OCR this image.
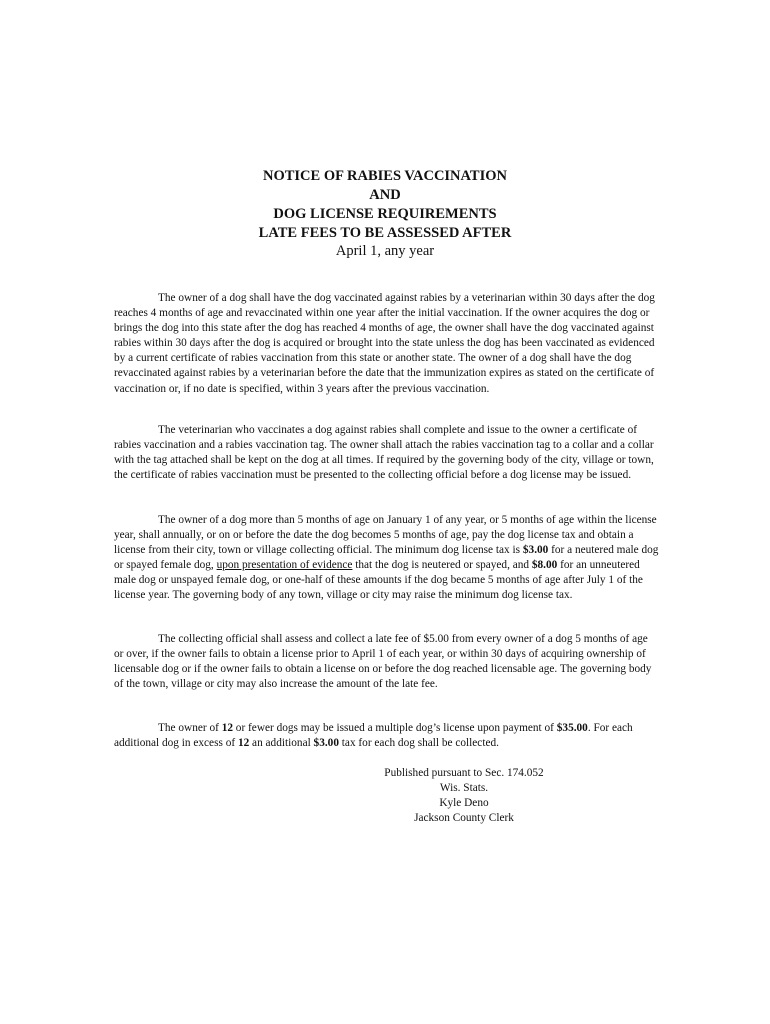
NOTICE OF RABIES VACCINATION
AND
DOG LICENSE REQUIREMENTS
LATE FEES TO BE ASSESSED AFTER
April 1, any year

The owner of a dog shall have the dog vaccinated against rabies by a veterinarian within 30 days after the dog reaches 4 months of age and revaccinated within one year after the initial vaccination. If the owner acquires the dog or brings the dog into this state after the dog has reached 4 months of age, the owner shall have the dog vaccinated against rabies within 30 days after the dog is acquired or brought into the state unless the dog has been vaccinated as evidenced by a current certificate of rabies vaccination from this state or another state. The owner of a dog shall have the dog revaccinated against rabies by a veterinarian before the date that the immunization expires as stated on the certificate of vaccination or, if no date is specified, within 3 years after the previous vaccination.

The veterinarian who vaccinates a dog against rabies shall complete and issue to the owner a certificate of rabies vaccination and a rabies vaccination tag. The owner shall attach the rabies vaccination tag to a collar and a collar with the tag attached shall be kept on the dog at all times. If required by the governing body of the city, village or town, the certificate of rabies vaccination must be presented to the collecting official before a dog license may be issued.

The owner of a dog more than 5 months of age on January 1 of any year, or 5 months of age within the license year, shall annually, or on or before the date the dog becomes 5 months of age, pay the dog license tax and obtain a license from their city, town or village collecting official. The minimum dog license tax is $3.00 for a neutered male dog or spayed female dog, upon presentation of evidence that the dog is neutered or spayed, and $8.00 for an unneutered male dog or unspayed female dog, or one-half of these amounts if the dog became 5 months of age after July 1 of the license year. The governing body of any town, village or city may raise the minimum dog license tax.

The collecting official shall assess and collect a late fee of $5.00 from every owner of a dog 5 months of age or over, if the owner fails to obtain a license prior to April 1 of each year, or within 30 days of acquiring ownership of licensable dog or if the owner fails to obtain a license on or before the dog reached licensable age. The governing body of the town, village or city may also increase the amount of the late fee.

The owner of 12 or fewer dogs may be issued a multiple dog’s license upon payment of $35.00. For each additional dog in excess of 12 an additional $3.00 tax for each dog shall be collected.

Published pursuant to Sec. 174.052
Wis. Stats.
Kyle Deno
Jackson County Clerk
